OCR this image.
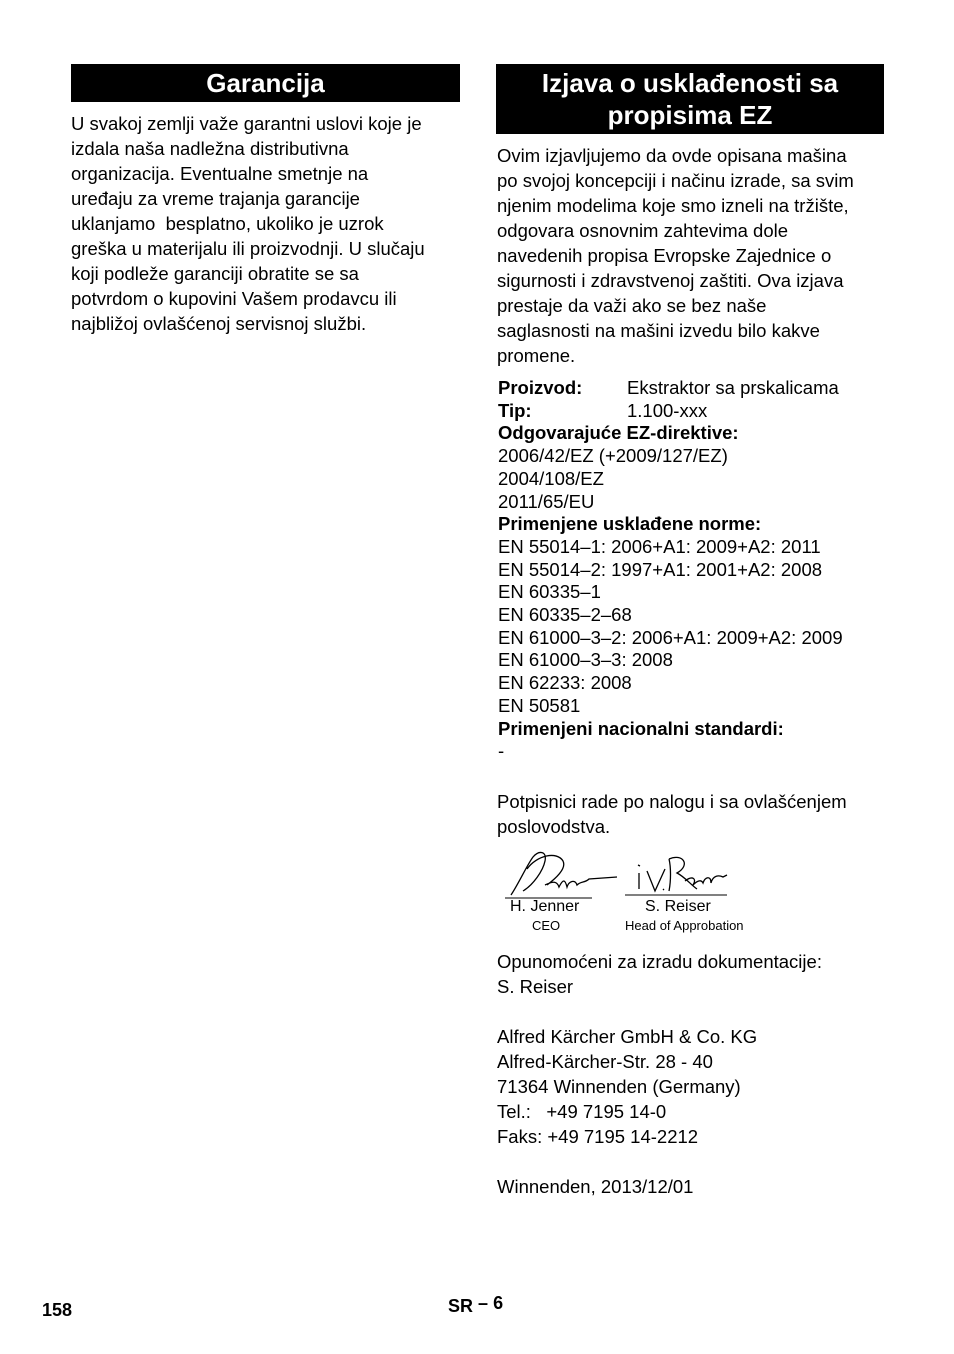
Garancija
U svakoj zemlji važe garantni uslovi koje je
izdala naša nadležna distributivna
organizacija. Eventualne smetnje na
uređaju za vreme trajanja garancije
uklanjamo  besplatno, ukoliko je uzrok
greška u materijalu ili proizvodnji. U slučaju
koji podleže garanciji obratite se sa
potvrdom o kupovini Vašem prodavcu ili
najbližoj ovlašćenoj servisnoj službi.
Izjava o usklađenosti sa
propisima EZ
Ovim izjavljujemo da ovde opisana mašina
po svojoj koncepciji i načinu izrade, sa svim
njenim modelima koje smo izneli na tržište,
odgovara osnovnim zahtevima dole
navedenih propisa Evropske Zajednice o
sigurnosti i zdravstvenoj zaštiti. Ova izjava
prestaje da važi ako se bez naše
saglasnosti na mašini izvedu bilo kakve
promene.
Proizvod:	Ekstraktor sa prskalicama
Tip:	1.100-xxx
Odgovarajuće EZ-direktive:
2006/42/EZ (+2009/127/EZ)
2004/108/EZ
2011/65/EU
Primenjene usklađene norme:
EN 55014–1: 2006+A1: 2009+A2: 2011
EN 55014–2: 1997+A1: 2001+A2: 2008
EN 60335–1
EN 60335–2–68
EN 61000–3–2: 2006+A1: 2009+A2: 2009
EN 61000–3–3: 2008
EN 62233: 2008
EN 50581
Primenjeni nacionalni standardi:
-
Potpisnici rade po nalogu i sa ovlašćenjem
poslovodstva.
H. Jenner
CEO
S. Reiser
Head of Approbation
Opunomoćeni za izradu dokumentacije:
S. Reiser
Alfred Kärcher GmbH & Co. KG
Alfred-Kärcher-Str. 28 - 40
71364 Winnenden (Germany)
Tel.:   +49 7195 14-0
Faks: +49 7195 14-2212
Winnenden, 2013/12/01
158	SR – 6
